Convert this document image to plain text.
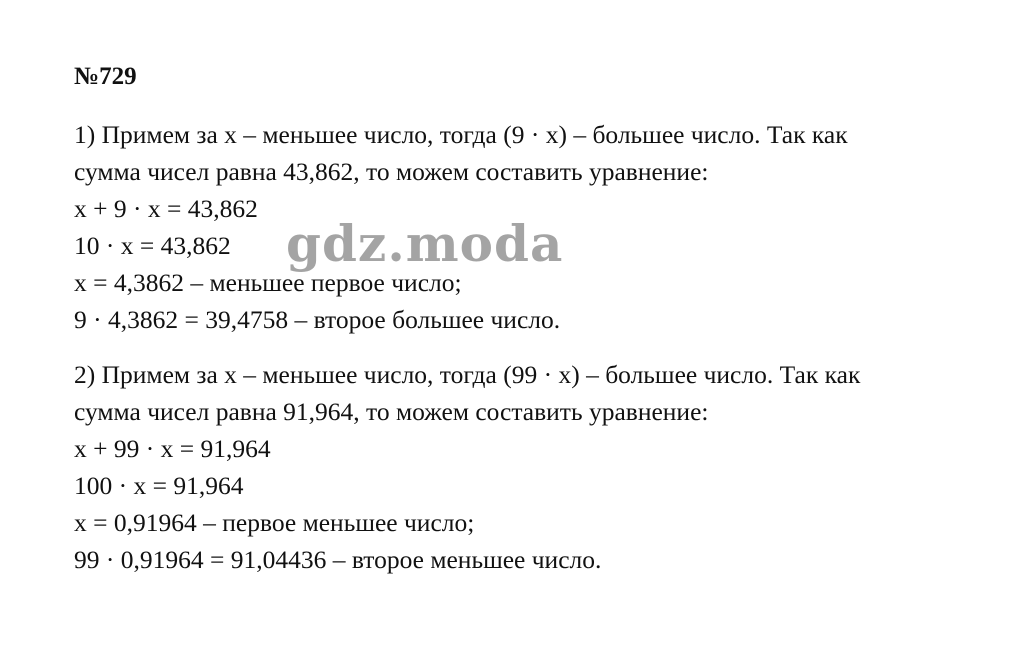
№729
1) Примем за x – меньшее число, тогда (9 · x) – большее число. Так как
сумма чисел равна 43,862, то можем составить уравнение:
x + 9 · x = 43,862
10 · x = 43,862
x = 4,3862 – меньшее первое число;
9 · 4,3862 = 39,4758 – второе большее число.
2) Примем за x – меньшее число, тогда (99 · x) – большее число. Так как
сумма чисел равна 91,964, то можем составить уравнение:
x + 99 · x = 91,964
100 · x = 91,964
x = 0,91964 – первое меньшее число;
99 · 0,91964 = 91,04436 – второе меньшее число.
gdz.moda
